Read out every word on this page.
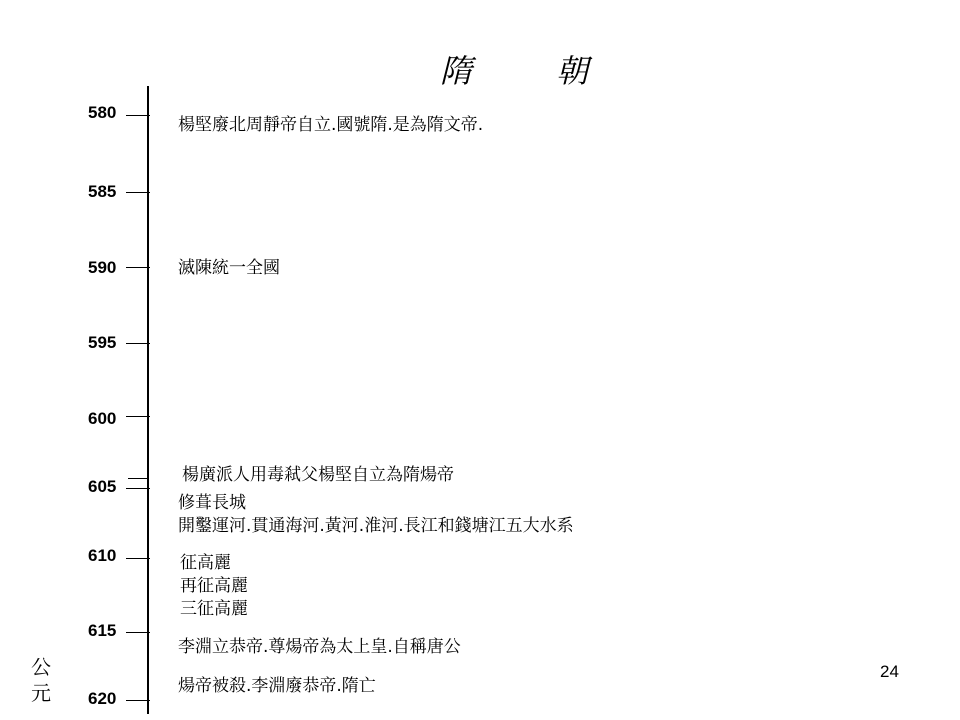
隋　朝
580
585
590
595
600
605
610
615
620
楊堅廢北周靜帝自立.國號隋.是為隋文帝.
滅陳統一全國
楊廣派人用毒弒父楊堅自立為隋煬帝
修葺長城
開鑿運河.貫通海河.黃河.淮河.長江和錢塘江五大水系
征高麗
再征高麗
三征高麗
李淵立恭帝.尊煬帝為太上皇.自稱唐公
煬帝被殺.李淵廢恭帝.隋亡
公
元
24
